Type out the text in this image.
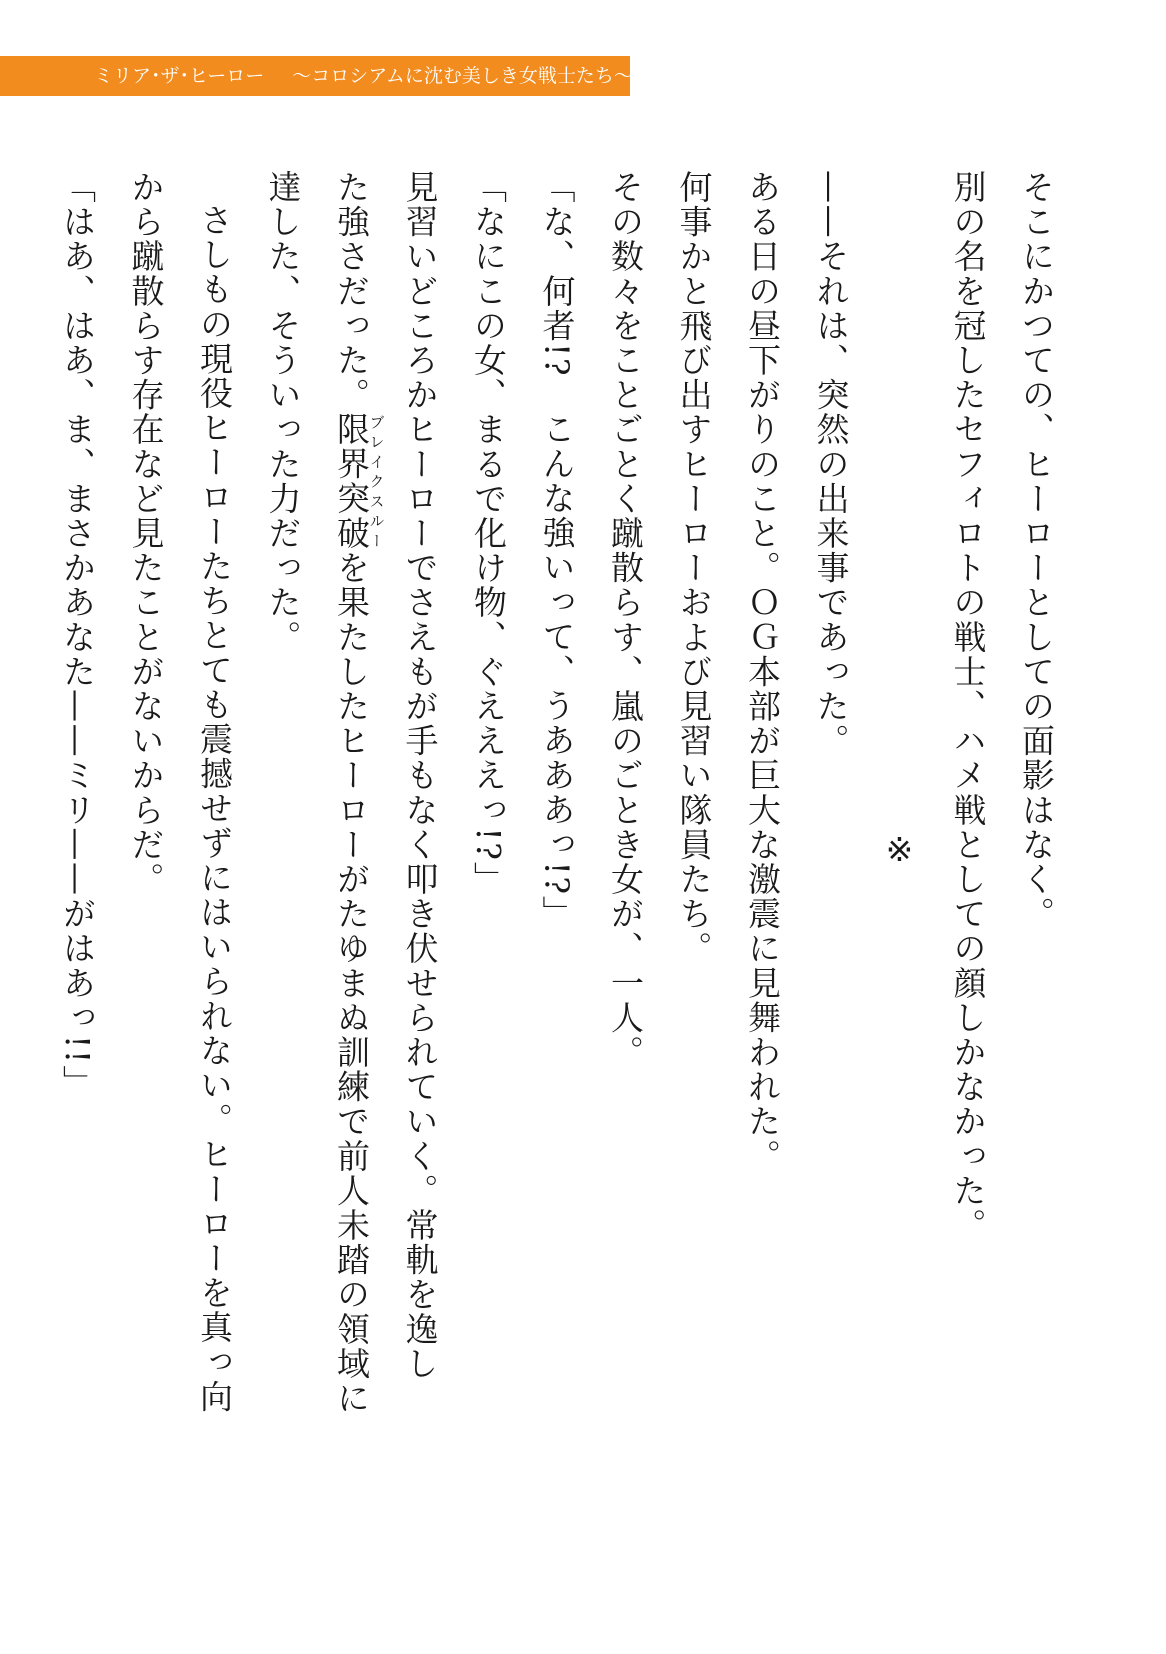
ミリア･ザ･ヒーロー ～コロシアムに沈む美しき女戦士たち～
そこにかつての、ヒーローとしての面影はなく。
別の名を冠したセフィロトの戦士、ハメ戦としての顔しかなかった。
※
——それは、突然の出来事であった。
ある日の昼下がりのこと。ＯＧ本部が巨大な激震に見舞われた。
何事かと飛び出すヒーローおよび見習い隊員たち。
その数々をことごとく蹴散らす、嵐のごとき女が、一人。
「な、何者!?　こんな強いって、うあああっ!?」
「なにこの女、まるで化け物、ぐえええっ!?」
見習いどころかヒーローでさえもが手もなく叩き伏せられていく。常軌を逸し
た強さだった。限界突破ブレイクスルーを果たしたヒーローがたゆまぬ訓練で前人未踏の領域に
達した、そういった力だった。
さしもの現役ヒーローたちとても震撼せずにはいられない。ヒーローを真っ向
から蹴散らす存在など見たことがないからだ。
「はあ、はあ、ま、まさかあなた——ミリ——がはあっ!!」
